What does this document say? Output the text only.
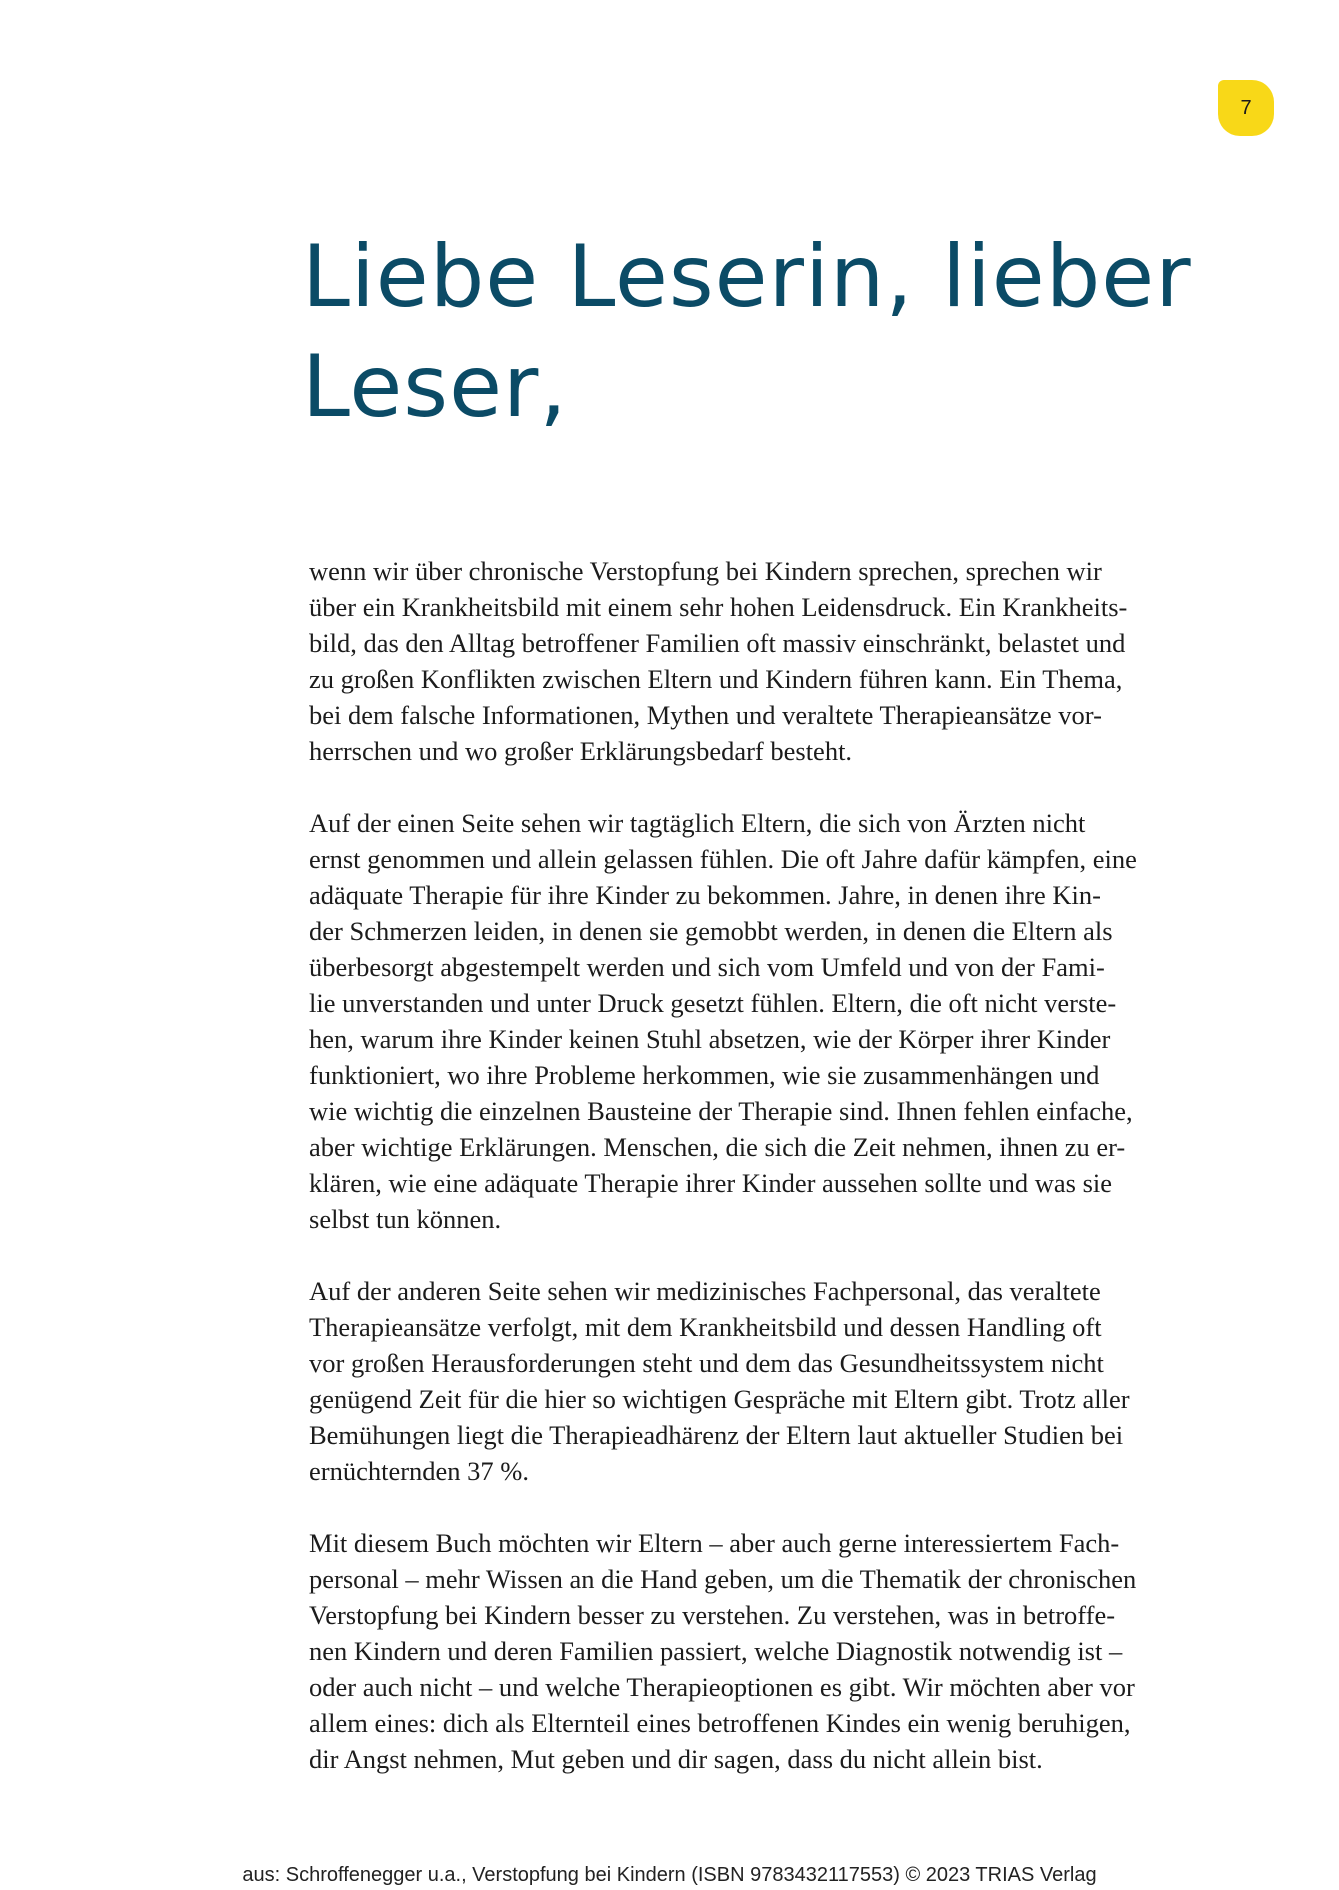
7
Liebe Leserin, lieber
Leser,

wenn wir über chronische Verstopfung bei Kindern sprechen, sprechen wir
über ein Krankheitsbild mit einem sehr hohen Leidensdruck. Ein Krankheits-
bild, das den Alltag betroffener Familien oft massiv einschränkt, belastet und
zu großen Konflikten zwischen Eltern und Kindern führen kann. Ein Thema,
bei dem falsche Informationen, Mythen und veraltete Therapieansätze vor-
herrschen und wo großer Erklärungsbedarf besteht.

Auf der einen Seite sehen wir tagtäglich Eltern, die sich von Ärzten nicht
ernst genommen und allein gelassen fühlen. Die oft Jahre dafür kämpfen, eine
adäquate Therapie für ihre Kinder zu bekommen. Jahre, in denen ihre Kin-
der Schmerzen leiden, in denen sie gemobbt werden, in denen die Eltern als
überbesorgt abgestempelt werden und sich vom Umfeld und von der Fami-
lie unverstanden und unter Druck gesetzt fühlen. Eltern, die oft nicht verste-
hen, warum ihre Kinder keinen Stuhl absetzen, wie der Körper ihrer Kinder
funktioniert, wo ihre Probleme herkommen, wie sie zusammenhängen und
wie wichtig die einzelnen Bausteine der Therapie sind. Ihnen fehlen einfache,
aber wichtige Erklärungen. Menschen, die sich die Zeit nehmen, ihnen zu er-
klären, wie eine adäquate Therapie ihrer Kinder aussehen sollte und was sie
selbst tun können.

Auf der anderen Seite sehen wir medizinisches Fachpersonal, das veraltete
Therapieansätze verfolgt, mit dem Krankheitsbild und dessen Handling oft
vor großen Herausforderungen steht und dem das Gesundheitssystem nicht
genügend Zeit für die hier so wichtigen Gespräche mit Eltern gibt. Trotz aller
Bemühungen liegt die Therapieadhärenz der Eltern laut aktueller Studien bei
ernüchternden 37 %.

Mit diesem Buch möchten wir Eltern – aber auch gerne interessiertem Fach-
personal – mehr Wissen an die Hand geben, um die Thematik der chronischen
Verstopfung bei Kindern besser zu verstehen. Zu verstehen, was in betroffe-
nen Kindern und deren Familien passiert, welche Diagnostik notwendig ist –
oder auch nicht – und welche Therapieoptionen es gibt. Wir möchten aber vor
allem eines: dich als Elternteil eines betroffenen Kindes ein wenig beruhigen,
dir Angst nehmen, Mut geben und dir sagen, dass du nicht allein bist.

aus: Schroffenegger u.a., Verstopfung bei Kindern (ISBN 9783432117553) © 2023 TRIAS Verlag
